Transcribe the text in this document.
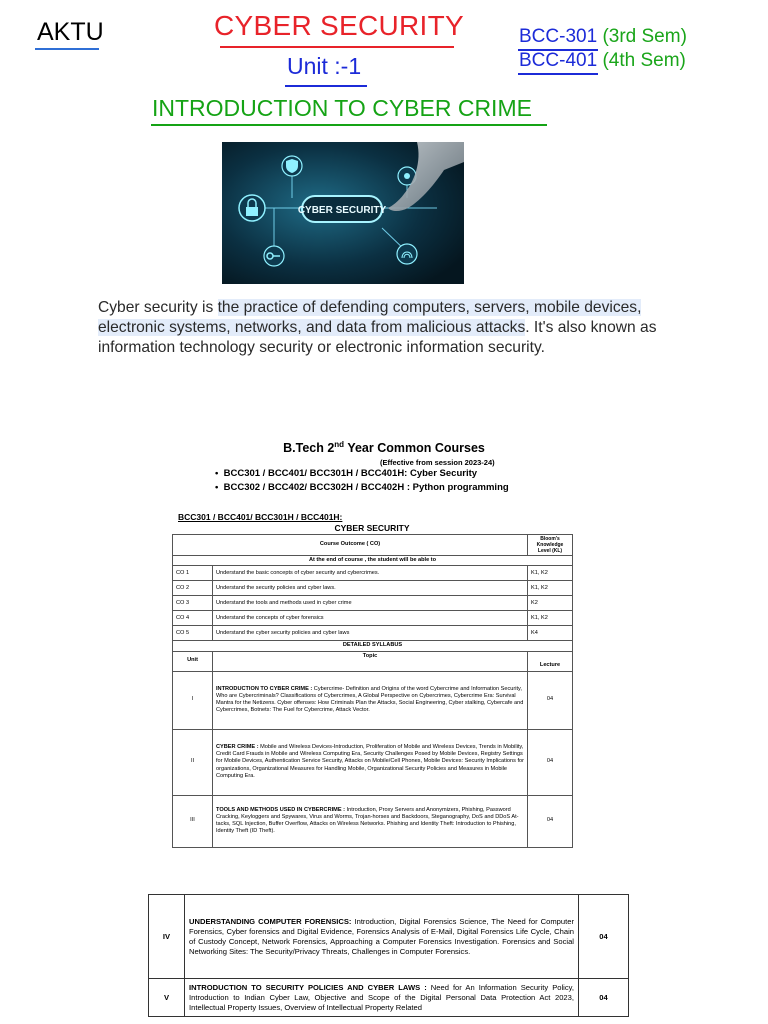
AKTU	CYBER SECURITY
Unit :-1
BCC-301 (3rd Sem)
BCC-401 (4th Sem)
INTRODUCTION TO CYBER CRIME
CYBER SECURITY
Cyber security is the practice of defending computers, servers, mobile devices, electronic systems, networks, and data from malicious attacks. It's also known as information technology security or electronic information security.
B.Tech 2nd Year Common Courses
(Effective from session 2023-24)
•  BCC301 / BCC401/ BCC301H / BCC401H: Cyber Security
•  BCC302 / BCC402/ BCC302H / BCC402H : Python programming
BCC301 / BCC401/ BCC301H / BCC401H:
CYBER SECURITY
Course Outcome ( CO)		Bloom's Knowledge Level (KL)
At the end of course , the student will be able to		
CO 1	Understand the basic concepts of cyber security and cybercrimes.	K1, K2
CO 2	Understand the security policies and cyber laws.	K1, K2
CO 3	Understand the tools and methods used in cyber crime	K2
CO 4	Understand the concepts of cyber forensics	K1, K2
CO 5	Understand the cyber security policies and cyber laws	K4
DETAILED SYLLABUS		
Unit	Topic	Lecture
I	INTRODUCTION TO CYBER CRIME : Cybercrime- Definition and Origins of the word Cybercrime and Information Security, Who are Cybercriminals? Classifications of Cybercrimes, A Global Perspective on Cybercrimes, Cybercrime Era: Survival Mantra for the Netizens. Cyber offenses: How Criminals Plan the Attacks, Social Engineering, Cyber stalking, Cybercafe and Cybercrimes, Botnets: The Fuel for Cybercrime, Attack Vector.	04
II	CYBER CRIME : Mobile and Wireless Devices-Introduction, Proliferation of Mobile and Wireless Devices, Trends in Mobility, Credit Card Frauds in Mobile and Wireless Computing Era, Security Challenges Posed by Mobile Devices, Registry Settings for Mobile Devices, Authentication Service Security, Attacks on Mobile/Cell Phones, Mobile Devices: Security Implications for organizations, Organizational Measures for Handling Mobile, Organizational Security Policies and Measures in Mobile Computing Era.	04
III	TOOLS AND METHODS USED IN CYBERCRIME : Introduction, Proxy Servers and Anonymizers, Phishing, Password Cracking, Keyloggers and Spywares, Virus and Worms, Trojan-horses and Backdoors, Steganography, DoS and DDoS At-tacks, SQL Injection, Buffer Overflow, Attacks on Wireless Networks. Phishing and Identity Theft: Introduction to Phishing, Identity Theft (ID Theft).	04
IV	UNDERSTANDING COMPUTER FORENSICS: Introduction, Digital Forensics Science, The Need for Computer Forensics, Cyber forensics and Digital Evidence, Forensics Analysis of E-Mail, Digital Forensics Life Cycle, Chain of Custody Concept, Network Forensics, Approaching a Computer Forensics Investigation. Forensics and Social Networking Sites: The Security/Privacy Threats, Challenges in Computer Forensics.	04
V	INTRODUCTION TO SECURITY POLICIES AND CYBER LAWS : Need for An Information Security Policy, Introduction to Indian Cyber Law, Objective and Scope of the Digital Personal Data Protection Act 2023, Intellectual Property Issues, Overview of Intellectual Property Related	04
